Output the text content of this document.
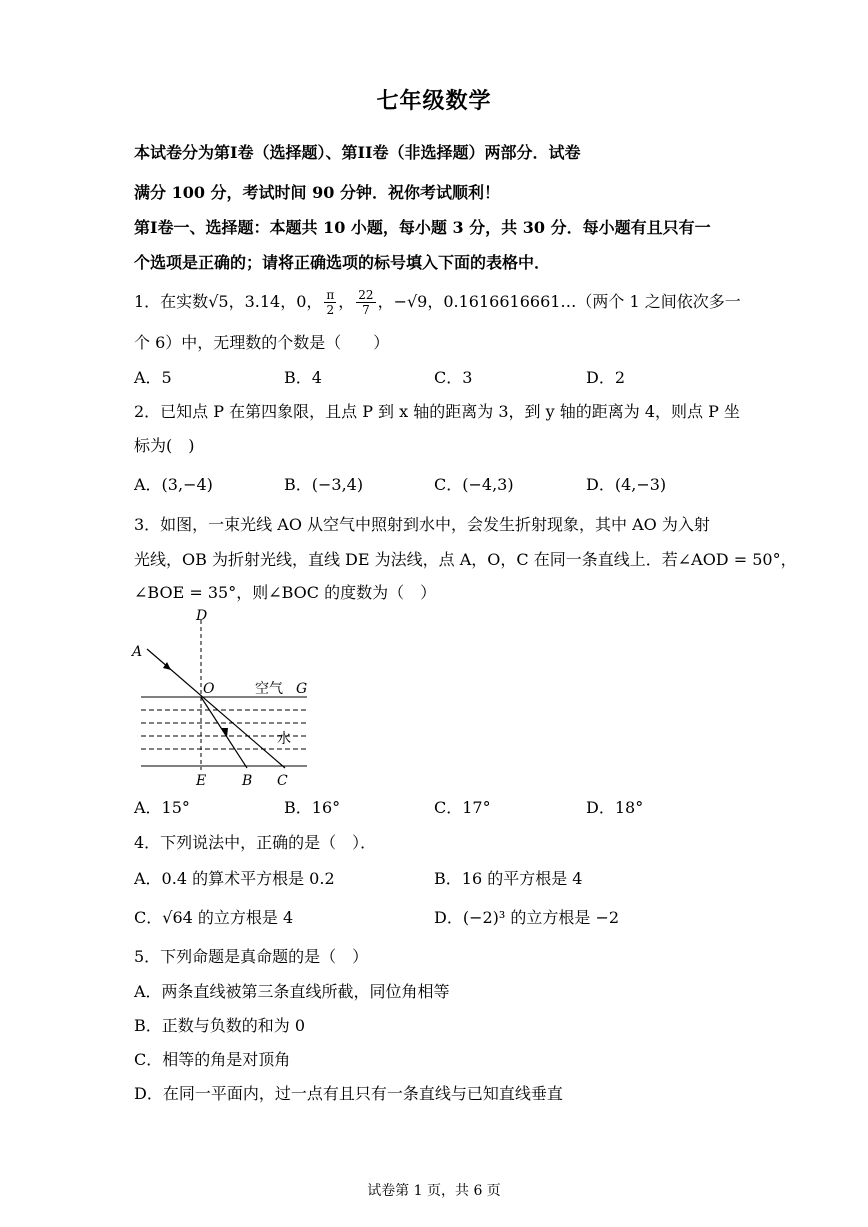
七年级数学
本试卷分为第I卷（选择题）、第II卷（非选择题）两部分．试卷
满分 100 分，考试时间 90 分钟．祝你考试顺利！
第I卷一、选择题：本题共 10 小题，每小题 3 分，共 30 分．每小题有且只有一
个选项是正确的；请将正确选项的标号填入下面的表格中．
1．在实数√5，3.14，0， $\frac{\pi}{2}$ ， $\frac{22}{7}$ ，−√9，0.1616616661…（两个 1 之间依次多一
个 6）中，无理数的个数是（　　）
A．5	B．4	C．3	D．2
2．已知点 P 在第四象限，且点 P 到 x 轴的距离为 3，到 y 轴的距离为 4，则点 P 坐
标为(　)
A．(3,−4)	B．(−3,4)	C．(−4,3)	D．(4,−3)
3．如图，一束光线 AO 从空气中照射到水中，会发生折射现象，其中 AO 为入射
光线，OB 为折射光线，直线 DE 为法线，点 A，O，C 在同一条直线上．若∠AOD = 50°，
∠BOE = 35°，则∠BOC 的度数为（　）
D
A
O	空气 G
水
E	B C
A．15°	B．16°	C．17°	D．18°
4．下列说法中，正确的是（　）．
A．0.4 的算术平方根是 0.2	B．16 的平方根是 4
C．√64 的立方根是 4	D．(−2)³ 的立方根是 −2
5．下列命题是真命题的是（　）
A．两条直线被第三条直线所截，同位角相等
B．正数与负数的和为 0
C．相等的角是对顶角
D．在同一平面内，过一点有且只有一条直线与已知直线垂直
试卷第 1 页，共 6 页
